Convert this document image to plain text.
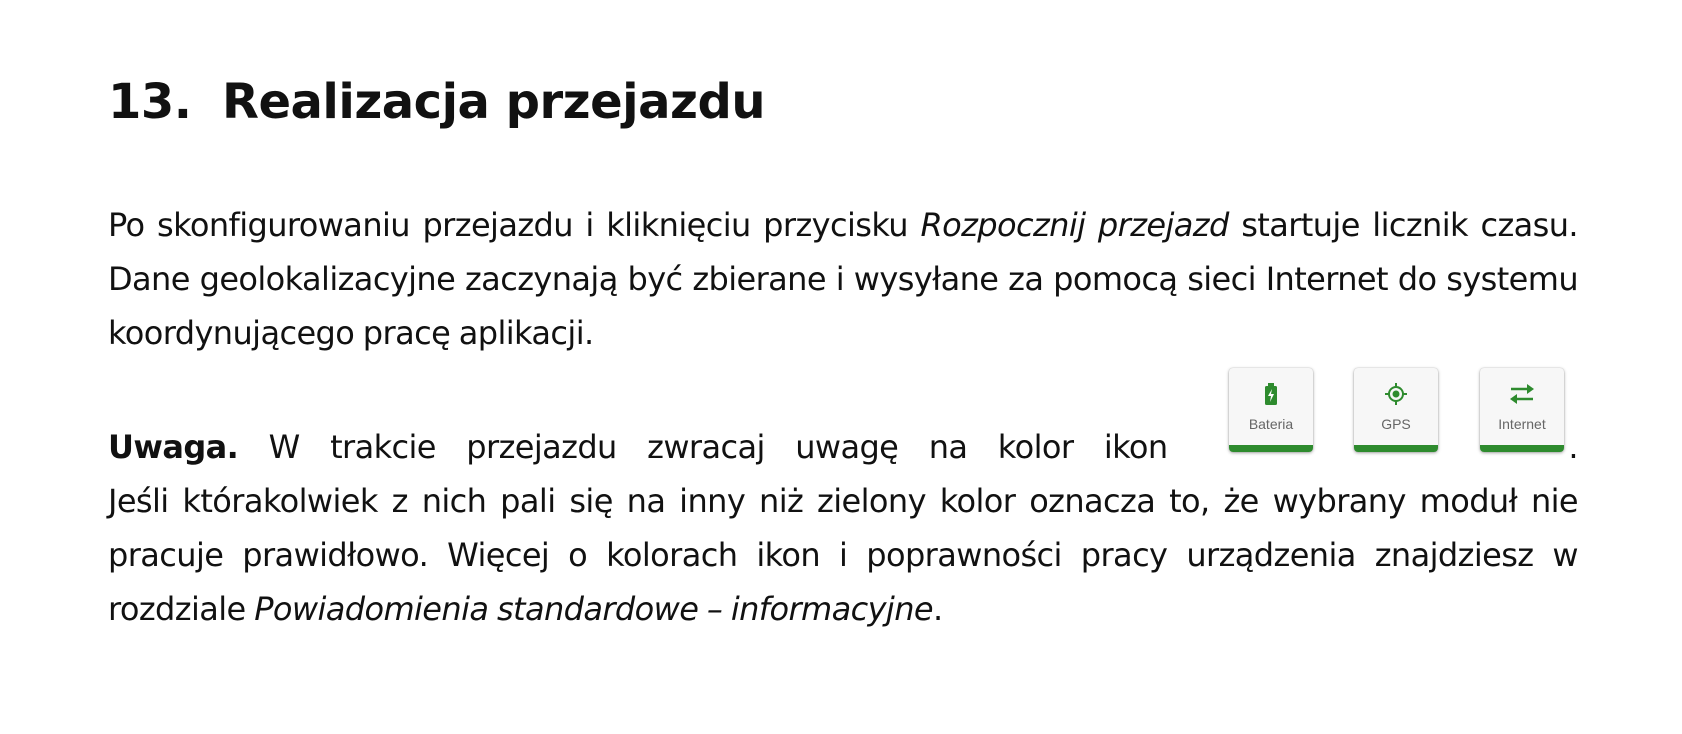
13. Realizacja przejazdu

Po skonfigurowaniu przejazdu i kliknięciu przycisku Rozpocznij przejazd startuje licznik czasu. Dane geolokalizacyjne zaczynają być zbierane i wysyłane za pomocą sieci Internet do systemu koordynującego pracę aplikacji.

Uwaga. W trakcie przejazdu zwracaj uwagę na kolor ikon	.
Jeśli którakolwiek z nich pali się na inny niż zielony kolor oznacza to, że wybrany moduł nie pracuje prawidłowo. Więcej o kolorach ikon i poprawności pracy urządzenia znajdziesz w rozdziale Powiadomienia standardowe – informacyjne.
Bateria	GPS	Internet
